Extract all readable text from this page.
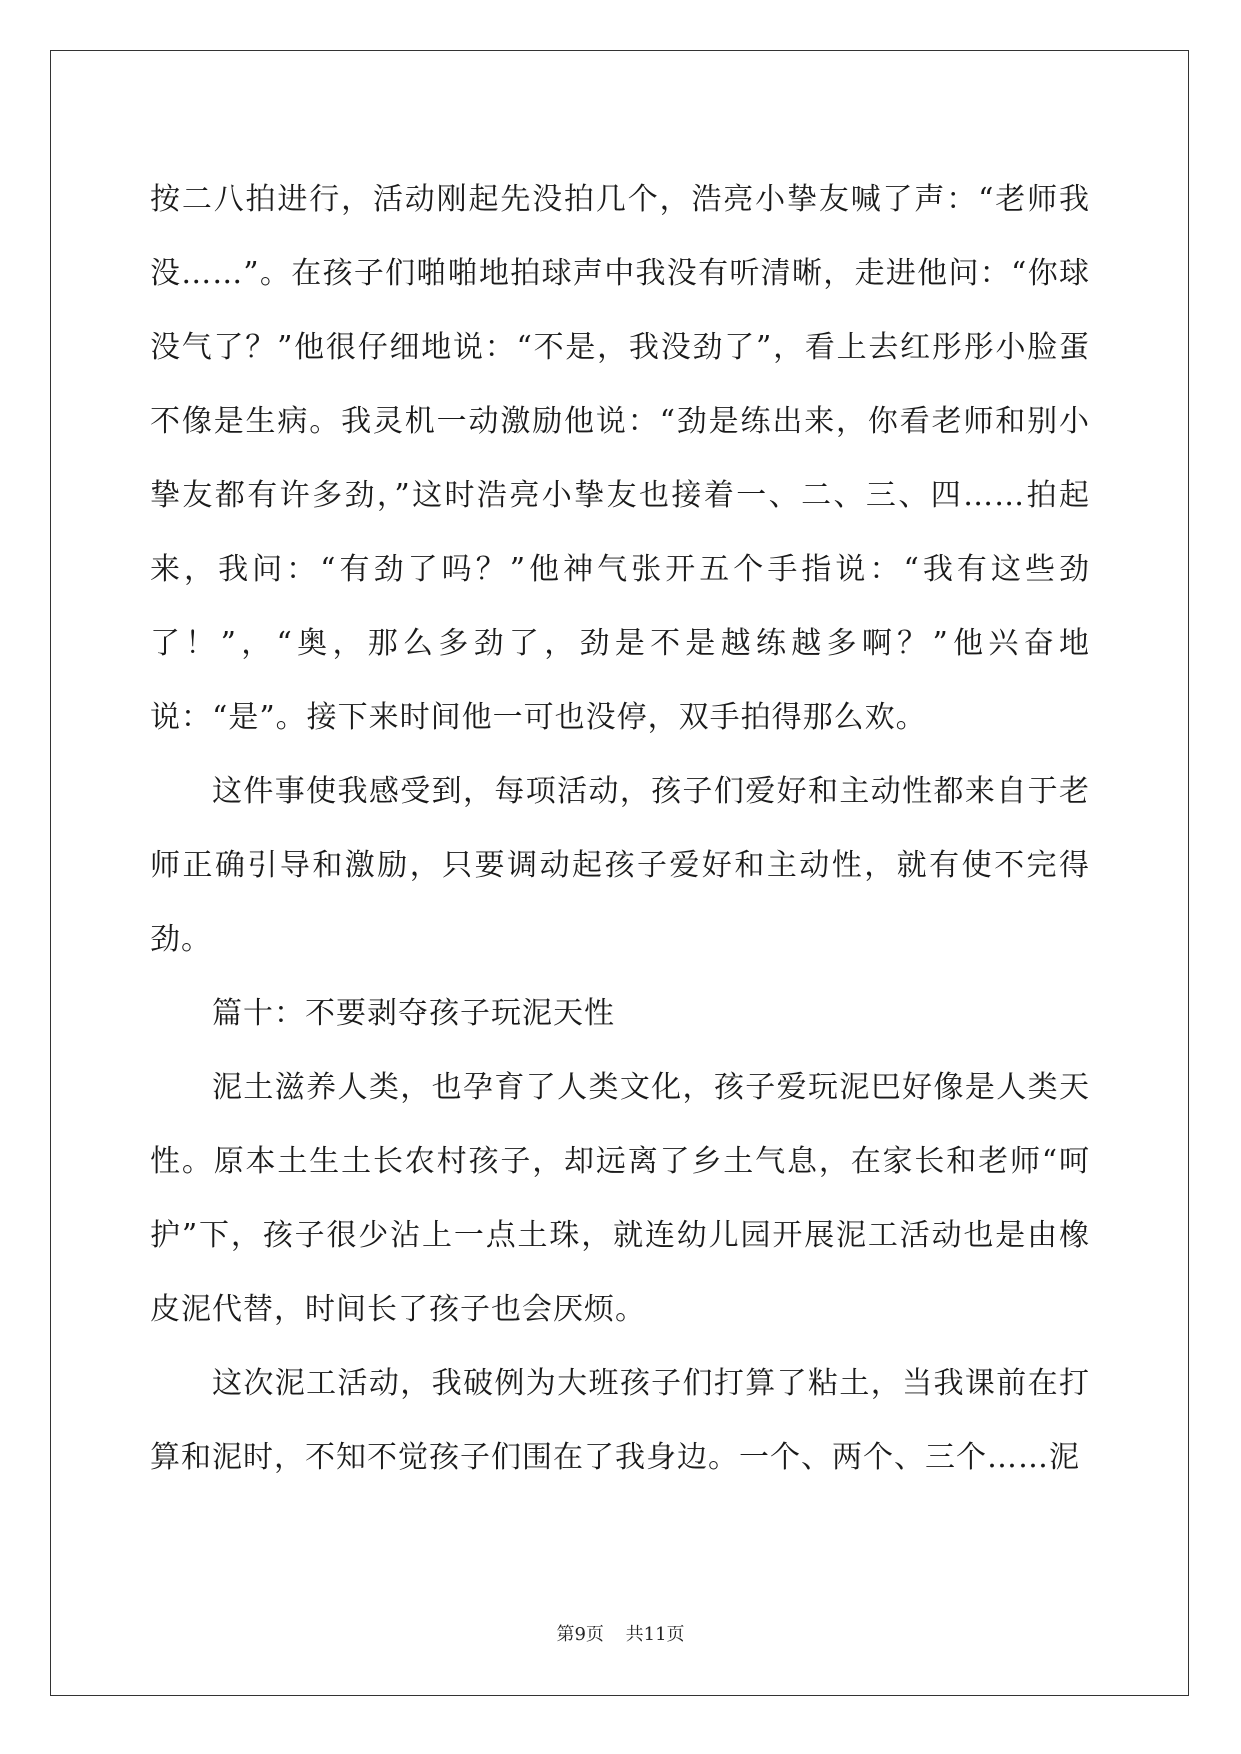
按二八拍进行，活动刚起先没拍几个，浩亮小挚友喊了声：“老师我没……”。在孩子们啪啪地拍球声中我没有听清晰，走进他问：“你球没气了？”他很仔细地说：“不是，我没劲了”，看上去红彤彤小脸蛋不像是生病。我灵机一动激励他说：“劲是练出来，你看老师和别小挚友都有许多劲，”这时浩亮小挚友也接着一、二、三、四……拍起来，我问：“有劲了吗？”他神气张开五个手指说：“我有这些劲了！”，“奥，那么多劲了，劲是不是越练越多啊？”他兴奋地说：“是”。接下来时间他一可也没停，双手拍得那么欢。

这件事使我感受到，每项活动，孩子们爱好和主动性都来自于老师正确引导和激励，只要调动起孩子爱好和主动性，就有使不完得劲。

篇十：不要剥夺孩子玩泥天性

泥土滋养人类，也孕育了人类文化，孩子爱玩泥巴好像是人类天性。原本土生土长农村孩子，却远离了乡土气息，在家长和老师“呵护”下，孩子很少沾上一点土珠，就连幼儿园开展泥工活动也是由橡皮泥代替，时间长了孩子也会厌烦。

这次泥工活动，我破例为大班孩子们打算了粘土，当我课前在打算和泥时，不知不觉孩子们围在了我身边。一个、两个、三个……泥

第9页 共11页
